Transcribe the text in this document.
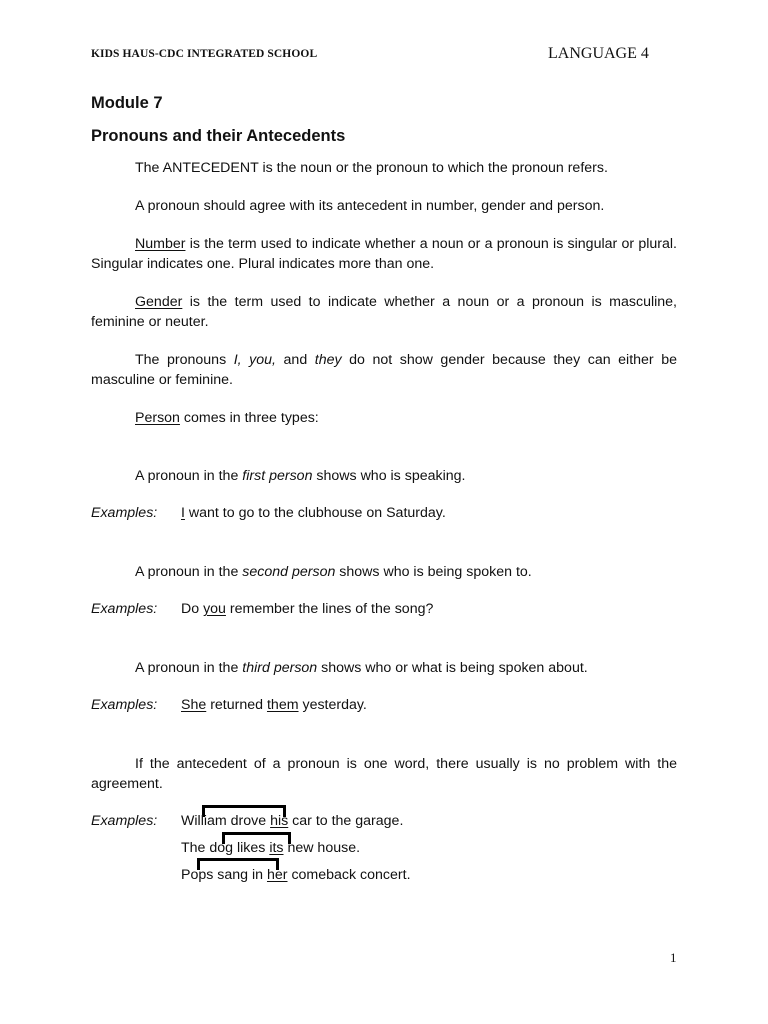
KIDS HAUS-CDC INTEGRATED SCHOOL	LANGUAGE 4
Module 7
Pronouns and their Antecedents
The ANTECEDENT is the noun or the pronoun to which the pronoun refers.
A pronoun should agree with its antecedent in number, gender and person.
Number is the term used to indicate whether a noun or a pronoun is singular or plural. Singular indicates one. Plural indicates more than one.
Gender is the term used to indicate whether a noun or a pronoun is masculine, feminine or neuter.
The pronouns I, you, and they do not show gender because they can either be masculine or feminine.
Person comes in three types:
A pronoun in the first person shows who is speaking.
Examples: I want to go to the clubhouse on Saturday.
A pronoun in the second person shows who is being spoken to.
Examples: Do you remember the lines of the song?
A pronoun in the third person shows who or what is being spoken about.
Examples: She returned them yesterday.
If the antecedent of a pronoun is one word, there usually is no problem with the agreement.
Examples: William drove his car to the garage.
The dog likes its new house.
Pops sang in her comeback concert.
1
